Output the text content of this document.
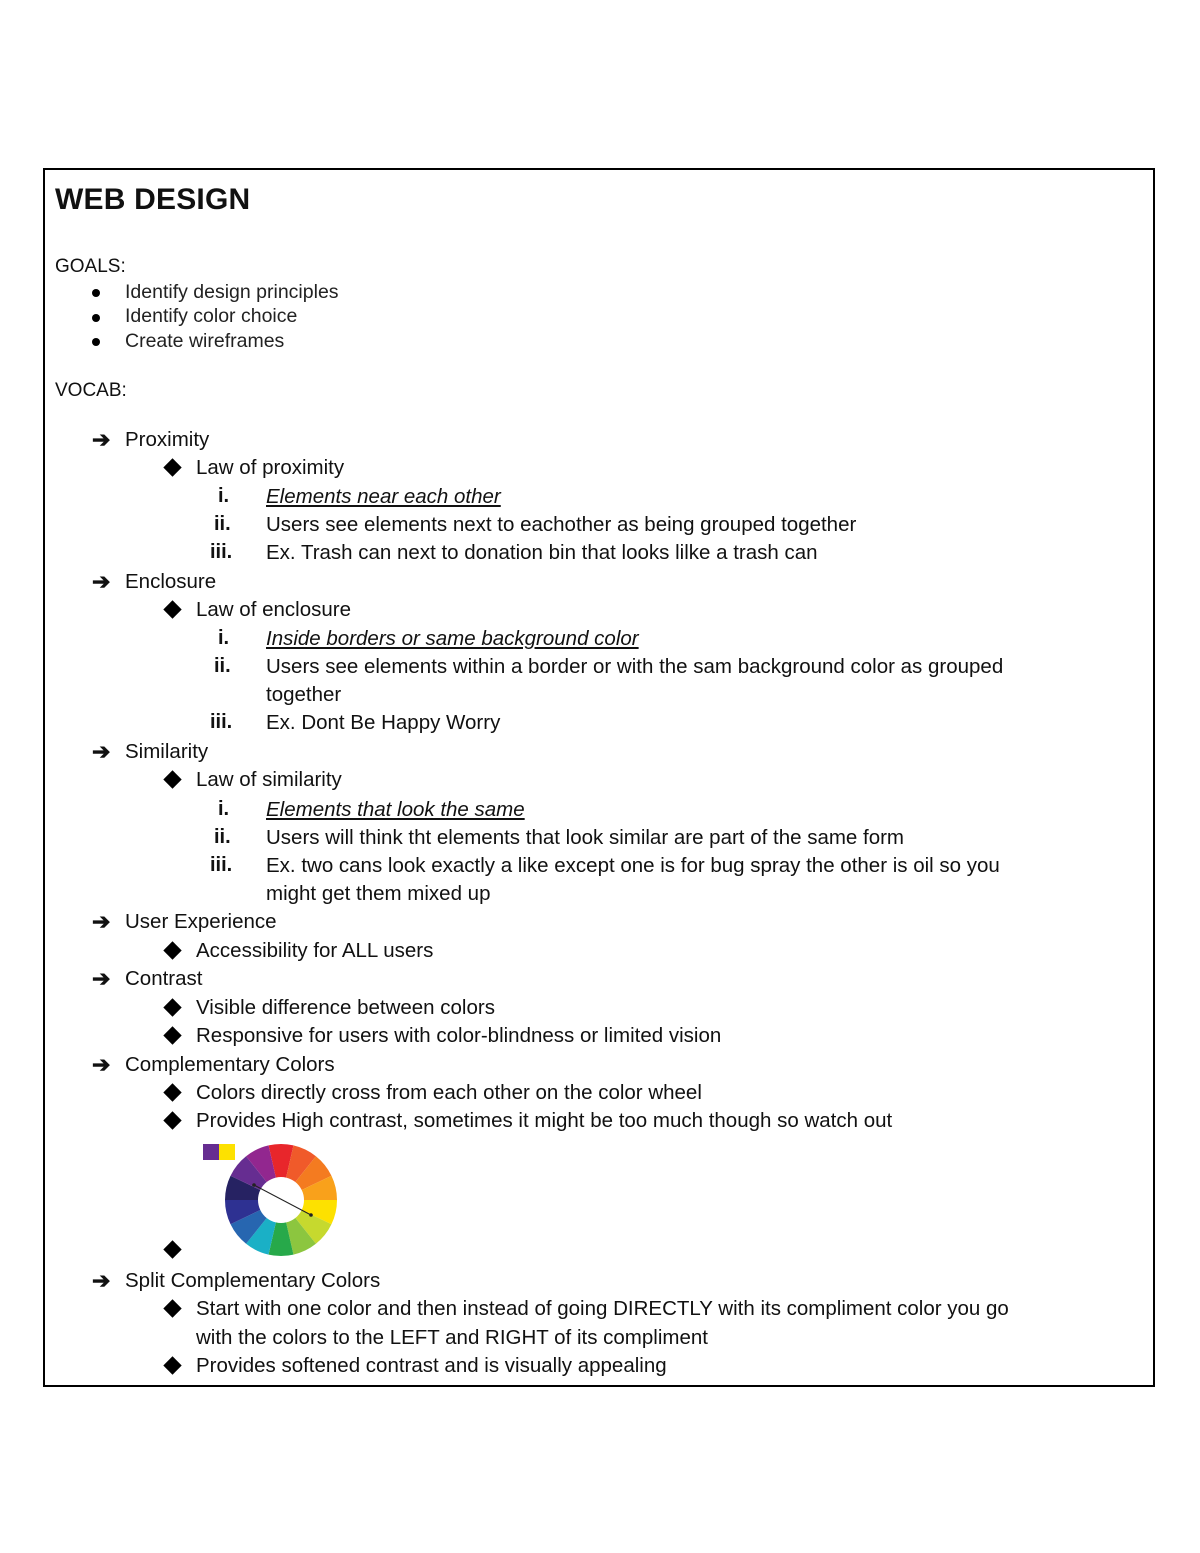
WEB DESIGN
GOALS:
Identify design principles
Identify color choice
Create wireframes
VOCAB:
➔ Proximity
Law of proximity
i. Elements near each other
ii. Users see elements next to eachother as being grouped together
iii. Ex. Trash can next to donation bin that looks lilke a trash can
➔ Enclosure
Law of enclosure
i. Inside borders or same background color
ii. Users see elements within a border or with the sam background color as grouped
together
iii. Ex. Dont Be Happy Worry
➔ Similarity
Law of similarity
i. Elements that look the same
ii. Users will think tht elements that look similar are part of the same form
iii. Ex. two cans look exactly a like except one is for bug spray the other is oil so you
might get them mixed up
➔ User Experience
Accessibility for ALL users
➔ Contrast
Visible difference between colors
Responsive for users with color-blindness or limited vision
➔ Complementary Colors
Colors directly cross from each other on the color wheel
Provides High contrast, sometimes it might be too much though so watch out
➔ Split Complementary Colors
Start with one color and then instead of going DIRECTLY with its compliment color you go
with the colors to the LEFT and RIGHT of its compliment
Provides softened contrast and is visually appealing
